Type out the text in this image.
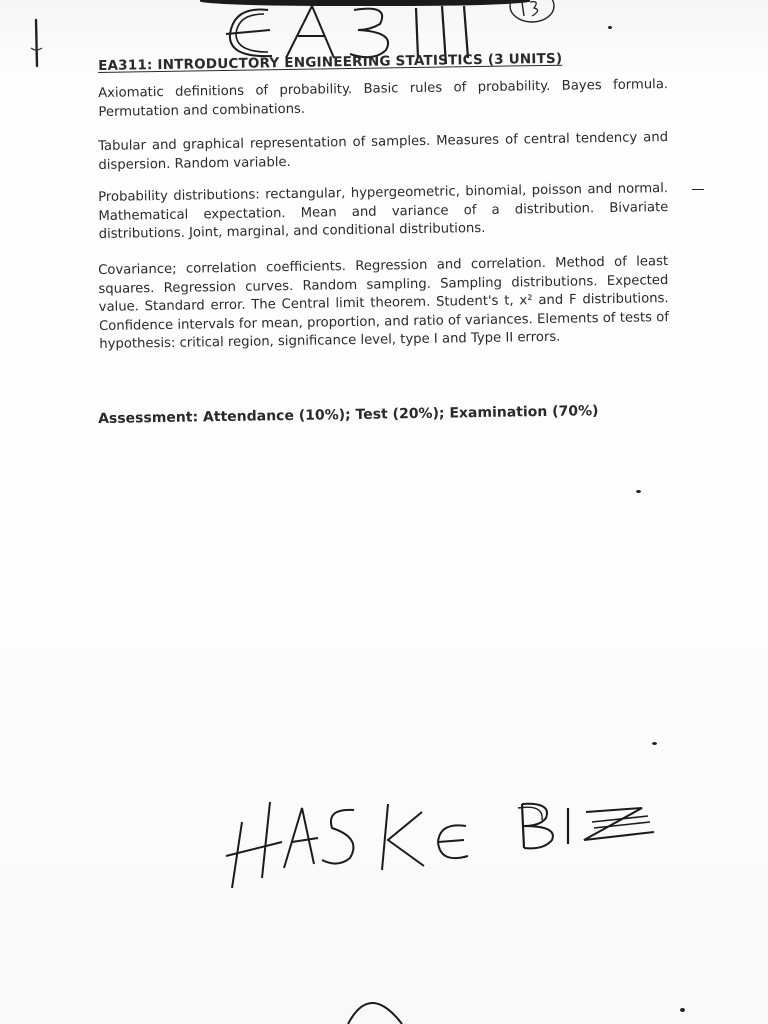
EA311: INTRODUCTORY ENGINEERING STATISTICS (3 UNITS)
Axiomatic definitions of probability. Basic rules of probability. Bayes formula. Permutation and combinations.
Tabular and graphical representation of samples. Measures of central tendency and dispersion. Random variable.
Probability distributions: rectangular, hypergeometric, binomial, poisson and normal. Mathematical expectation. Mean and variance of a distribution. Bivariate distributions. Joint, marginal, and conditional distributions.
Covariance; correlation coefficients. Regression and correlation. Method of least squares. Regression curves. Random sampling. Sampling distributions. Expected value. Standard error. The Central limit theorem. Student's t, x² and F distributions. Confidence intervals for mean, proportion, and ratio of variances. Elements of tests of hypothesis: critical region, significance level, type I and Type II errors.
Assessment: Attendance (10%); Test (20%); Examination (70%)
